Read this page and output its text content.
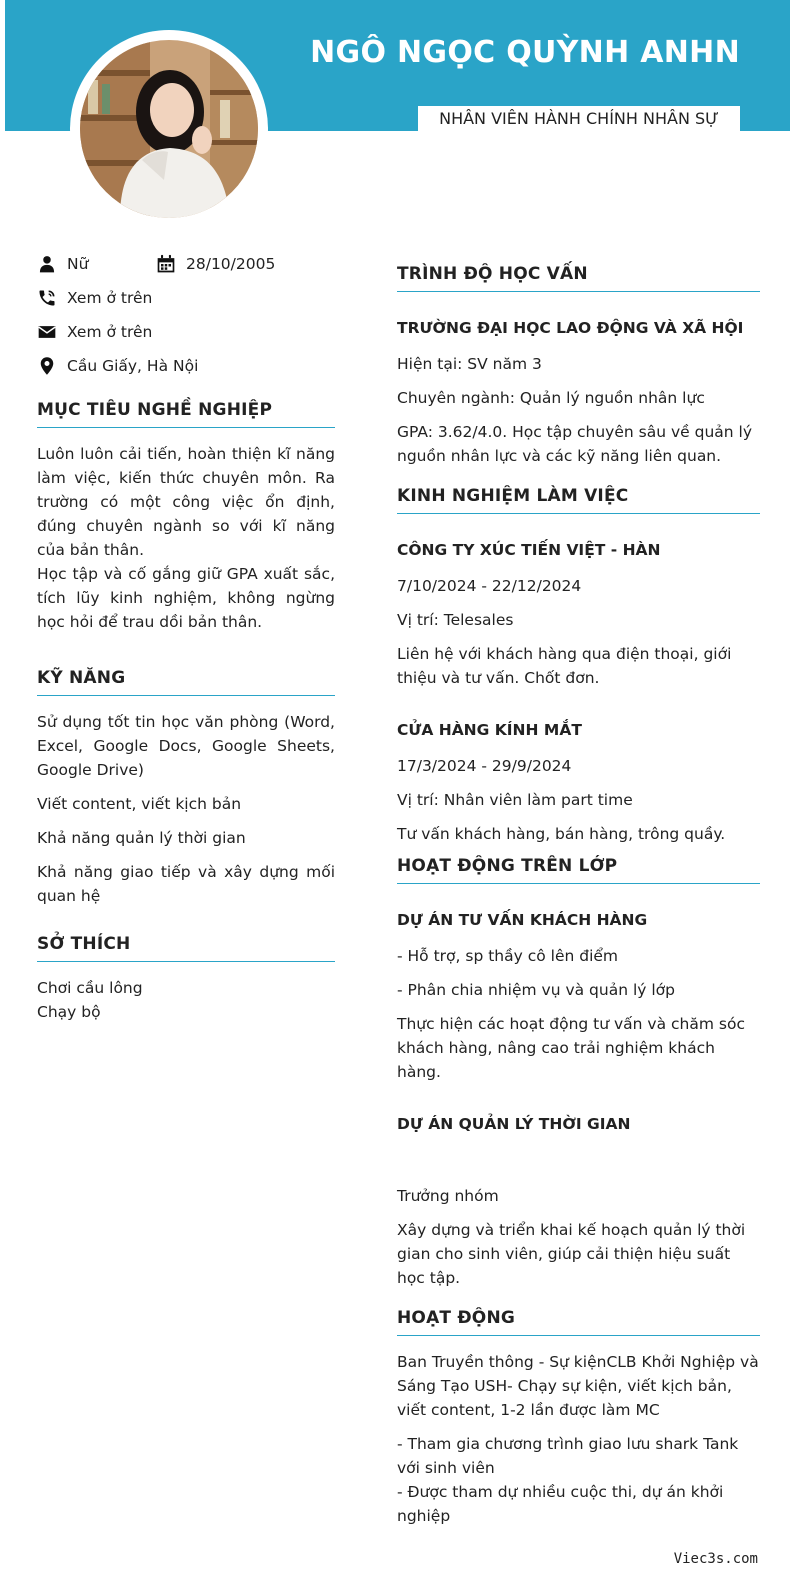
NGÔ NGỌC QUỲNH ANHN
NHÂN VIÊN HÀNH CHÍNH NHÂN SỰ
Nữ	28/10/2005
Xem ở trên
Xem ở trên
Cầu Giấy, Hà Nội
MỤC TIÊU NGHỀ NGHIỆP
Luôn luôn cải tiến, hoàn thiện kĩ năng làm việc, kiến thức chuyên môn. Ra trường có một công việc ổn định, đúng chuyên ngành so với kĩ năng của bản thân.
Học tập và cố gắng giữ GPA xuất sắc, tích lũy kinh nghiệm, không ngừng học hỏi để trau dồi bản thân.
KỸ NĂNG
Sử dụng tốt tin học văn phòng (Word, Excel, Google Docs, Google Sheets, Google Drive)
Viết content, viết kịch bản
Khả năng quản lý thời gian
Khả năng giao tiếp và xây dựng mối quan hệ
SỞ THÍCH
Chơi cầu lông
Chạy bộ
TRÌNH ĐỘ HỌC VẤN
TRƯỜNG ĐẠI HỌC LAO ĐỘNG VÀ XÃ HỘI
Hiện tại: SV năm 3
Chuyên ngành: Quản lý nguồn nhân lực
GPA: 3.62/4.0. Học tập chuyên sâu về quản lý nguồn nhân lực và các kỹ năng liên quan.
KINH NGHIỆM LÀM VIỆC
CÔNG TY XÚC TIẾN VIỆT - HÀN
7/10/2024 - 22/12/2024
Vị trí: Telesales
Liên hệ với khách hàng qua điện thoại, giới thiệu và tư vấn. Chốt đơn.
CỬA HÀNG KÍNH MẮT
17/3/2024 - 29/9/2024
Vị trí: Nhân viên làm part time
Tư vấn khách hàng, bán hàng, trông quầy.
HOẠT ĐỘNG TRÊN LỚP
DỰ ÁN TƯ VẤN KHÁCH HÀNG
- Hỗ trợ, sp thầy cô lên điểm
- Phân chia nhiệm vụ và quản lý lớp
Thực hiện các hoạt động tư vấn và chăm sóc khách hàng, nâng cao trải nghiệm khách hàng.
DỰ ÁN QUẢN LÝ THỜI GIAN
Trưởng nhóm
Xây dựng và triển khai kế hoạch quản lý thời gian cho sinh viên, giúp cải thiện hiệu suất học tập.
HOẠT ĐỘNG
Ban Truyền thông - Sự kiệnCLB Khởi Nghiệp và Sáng Tạo USH- Chạy sự kiện, viết kịch bản, viết content, 1-2 lần được làm MC
- Tham gia chương trình giao lưu shark Tank với sinh viên
- Được tham dự nhiều cuộc thi, dự án khởi nghiệp
Viec3s.com
